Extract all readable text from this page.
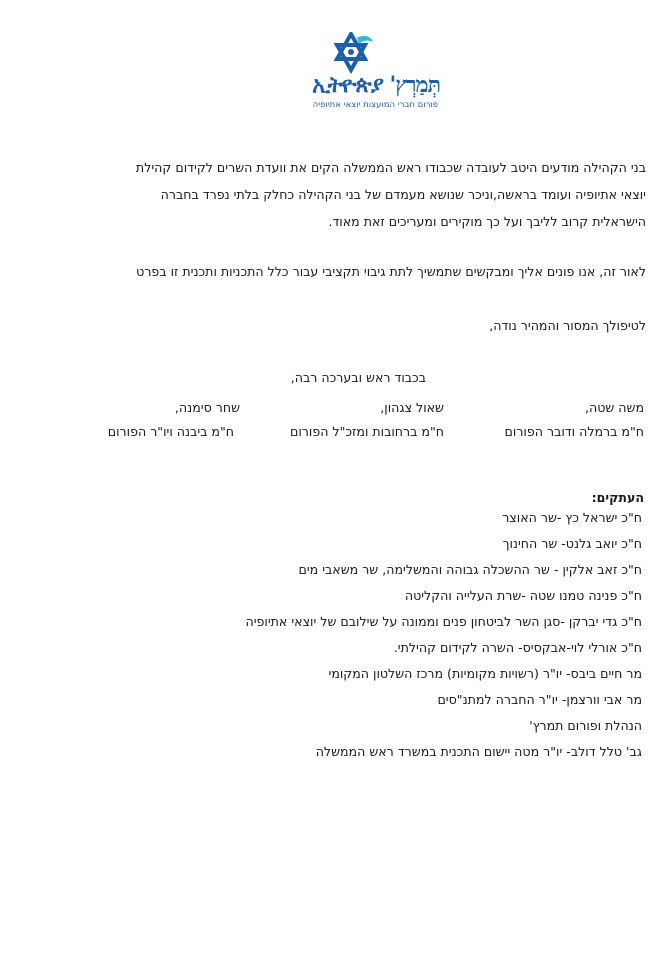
תְּמַרְץ' ኢትዮጵያ
פורום חברי המועצות יוצאי אתיופיה
בני הקהילה מודעים היטב לעובדה שכבודו ראש הממשלה הקים את וועדת השרים לקידום קהילת
יוצאי אתיופיה ועומד בראשה,וניכר שנושא מעמדם של בני הקהילה כחלק בלתי נפרד בחברה
הישראלית קרוב לליבך ועל כך מוקירים ומעריכים זאת מאוד.
לאור זה, אנו פונים אליך ומבקשים שתמשיך לתת גיבוי תקציבי עבור כלל התכניות ותכנית זו בפרט
לטיפולך המסור והמהיר נודה,
בכבוד ראש ובערכה רבה,
משה שטה,
ח"מ ברמלה ודובר הפורום
שאול צגהון,
ח"מ ברחובות ומזכ"ל הפורום
שחר סימנה,
ח"מ ביבנה ויו"ר הפורום
העתקים:
ח"כ ישראל כץ -שר האוצר
ח"כ יואב גלנט- שר החינוך
ח"כ זאב אלקין - שר ההשכלה גבוהה והמשלימה, שר משאבי מים
ח"כ פנינה טמנו שטה -שרת העלייה והקליטה
ח"כ גדי יברקן -סגן השר לביטחון פנים וממונה על שילובם של יוצאי אתיופיה
ח"כ אורלי לוי-אבקסיס- השרה לקידום קהילתי.
מר חיים ביבס- יו"ר (רשויות מקומיות) מרכז השלטון המקומי
מר אבי וורצמן- יו"ר החברה למתנ"סים
הנהלת ופורום תמרץ'
גב' טלל דולב- יו"ר מטה יישום התכנית במשרד ראש הממשלה
